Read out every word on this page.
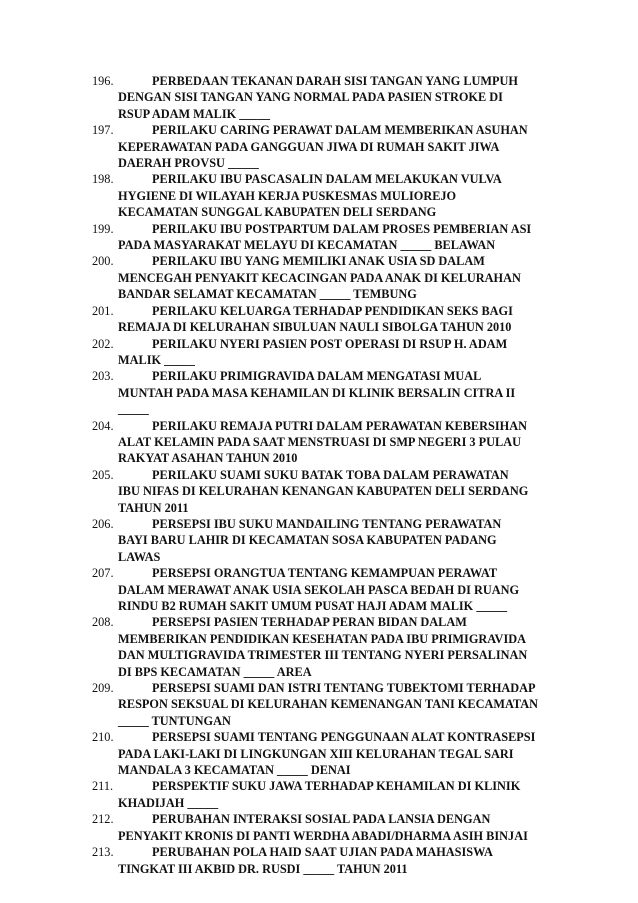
196.	PERBEDAAN TEKANAN DARAH SISI TANGAN YANG LUMPUH
DENGAN SISI TANGAN YANG NORMAL PADA PASIEN STROKE DI
RSUP ADAM MALIK _____
197.	PERILAKU CARING PERAWAT DALAM MEMBERIKAN ASUHAN
KEPERAWATAN PADA GANGGUAN JIWA DI RUMAH SAKIT JIWA
DAERAH PROVSU _____
198.	PERILAKU IBU PASCASALIN DALAM MELAKUKAN VULVA
HYGIENE DI WILAYAH KERJA PUSKESMAS MULIOREJO
KECAMATAN SUNGGAL KABUPATEN DELI SERDANG
199.	PERILAKU IBU POSTPARTUM DALAM PROSES PEMBERIAN ASI
PADA MASYARAKAT MELAYU DI KECAMATAN _____ BELAWAN
200.	PERILAKU IBU YANG MEMILIKI ANAK USIA SD DALAM
MENCEGAH PENYAKIT KECACINGAN PADA ANAK DI KELURAHAN
BANDAR SELAMAT KECAMATAN _____ TEMBUNG
201.	PERILAKU KELUARGA TERHADAP PENDIDIKAN SEKS BAGI
REMAJA DI KELURAHAN SIBULUAN NAULI SIBOLGA TAHUN 2010
202.	PERILAKU NYERI PASIEN POST OPERASI DI RSUP H. ADAM
MALIK _____
203.	PERILAKU PRIMIGRAVIDA DALAM MENGATASI MUAL
MUNTAH PADA MASA KEHAMILAN DI KLINIK BERSALIN CITRA II
_____
204.	PERILAKU REMAJA PUTRI DALAM PERAWATAN KEBERSIHAN
ALAT KELAMIN PADA SAAT MENSTRUASI DI SMP NEGERI 3 PULAU
RAKYAT ASAHAN TAHUN 2010
205.	PERILAKU SUAMI SUKU BATAK TOBA DALAM PERAWATAN
IBU NIFAS DI KELURAHAN KENANGAN KABUPATEN DELI SERDANG
TAHUN 2011
206.	PERSEPSI IBU SUKU MANDAILING TENTANG PERAWATAN
BAYI BARU LAHIR DI KECAMATAN SOSA KABUPATEN PADANG
LAWAS
207.	PERSEPSI ORANGTUA TENTANG KEMAMPUAN PERAWAT
DALAM MERAWAT ANAK USIA SEKOLAH PASCA BEDAH DI RUANG
RINDU B2 RUMAH SAKIT UMUM PUSAT HAJI ADAM MALIK _____
208.	PERSEPSI PASIEN TERHADAP PERAN BIDAN DALAM
MEMBERIKAN PENDIDIKAN KESEHATAN PADA IBU PRIMIGRAVIDA
DAN MULTIGRAVIDA TRIMESTER III TENTANG NYERI PERSALINAN
DI BPS KECAMATAN _____ AREA
209.	PERSEPSI SUAMI DAN ISTRI TENTANG TUBEKTOMI TERHADAP
RESPON SEKSUAL DI KELURAHAN KEMENANGAN TANI KECAMATAN
_____ TUNTUNGAN
210.	PERSEPSI SUAMI TENTANG PENGGUNAAN ALAT KONTRASEPSI
PADA LAKI-LAKI DI LINGKUNGAN XIII KELURAHAN TEGAL SARI
MANDALA 3 KECAMATAN _____ DENAI
211.	PERSPEKTIF SUKU JAWA TERHADAP KEHAMILAN DI KLINIK
KHADIJAH _____
212.	PERUBAHAN INTERAKSI SOSIAL PADA LANSIA DENGAN
PENYAKIT KRONIS DI PANTI WERDHA ABADI/DHARMA ASIH BINJAI
213.	PERUBAHAN POLA HAID SAAT UJIAN PADA MAHASISWA
TINGKAT III AKBID DR. RUSDI _____ TAHUN 2011
